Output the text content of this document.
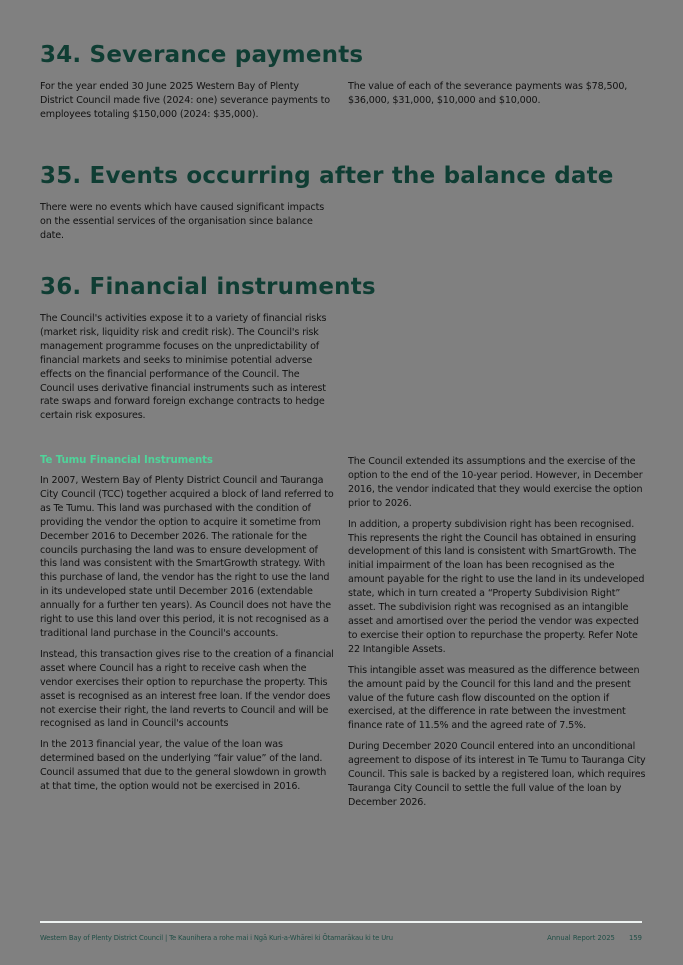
34. Severance payments

For the year ended 30 June 2025 Western Bay of Plenty District Council made five (2024: one) severance payments to employees totaling $150,000 (2024: $35,000).

The value of each of the severance payments was $78,500, $36,000, $31,000, $10,000 and $10,000.

35. Events occurring after the balance date

There were no events which have caused significant impacts on the essential services of the organisation since balance date.

36. Financial instruments

The Council's activities expose it to a variety of financial risks (market risk, liquidity risk and credit risk). The Council's risk management programme focuses on the unpredictability of financial markets and seeks to minimise potential adverse effects on the financial performance of the Council. The Council uses derivative financial instruments such as interest rate swaps and forward foreign exchange contracts to hedge certain risk exposures.

Te Tumu Financial Instruments

In 2007, Western Bay of Plenty District Council and Tauranga City Council (TCC) together acquired a block of land referred to as Te Tumu. This land was purchased with the condition of providing the vendor the option to acquire it sometime from December 2016 to December 2026. The rationale for the councils purchasing the land was to ensure development of this land was consistent with the SmartGrowth strategy. With this purchase of land, the vendor has the right to use the land in its undeveloped state until December 2016 (extendable annually for a further ten years). As Council does not have the right to use this land over this period, it is not recognised as a traditional land purchase in the Council's accounts.

Instead, this transaction gives rise to the creation of a financial asset where Council has a right to receive cash when the vendor exercises their option to repurchase the property. This asset is recognised as an interest free loan. If the vendor does not exercise their right, the land reverts to Council and will be recognised as land in Council's accounts

In the 2013 financial year, the value of the loan was determined based on the underlying “fair value” of the land. Council assumed that due to the general slowdown in growth at that time, the option would not be exercised in 2016.

The Council extended its assumptions and the exercise of the option to the end of the 10-year period. However, in December 2016, the vendor indicated that they would exercise the option prior to 2026.

In addition, a property subdivision right has been recognised. This represents the right the Council has obtained in ensuring development of this land is consistent with SmartGrowth. The initial impairment of the loan has been recognised as the amount payable for the right to use the land in its undeveloped state, which in turn created a “Property Subdivision Right” asset. The subdivision right was recognised as an intangible asset and amortised over the period the vendor was expected to exercise their option to repurchase the property. Refer Note 22 Intangible Assets.

This intangible asset was measured as the difference between the amount paid by the Council for this land and the present value of the future cash flow discounted on the option if exercised, at the difference in rate between the investment finance rate of 11.5% and the agreed rate of 7.5%.

During December 2020 Council entered into an unconditional agreement to dispose of its interest in Te Tumu to Tauranga City Council. This sale is backed by a registered loan, which requires Tauranga City Council to settle the full value of the loan by December 2026.

Western Bay of Plenty District Council | Te Kaunihera a rohe mai i Ngā Kuri-a-Whārei ki Ōtamarākau ki te Uru	Annual Report 2025 159
